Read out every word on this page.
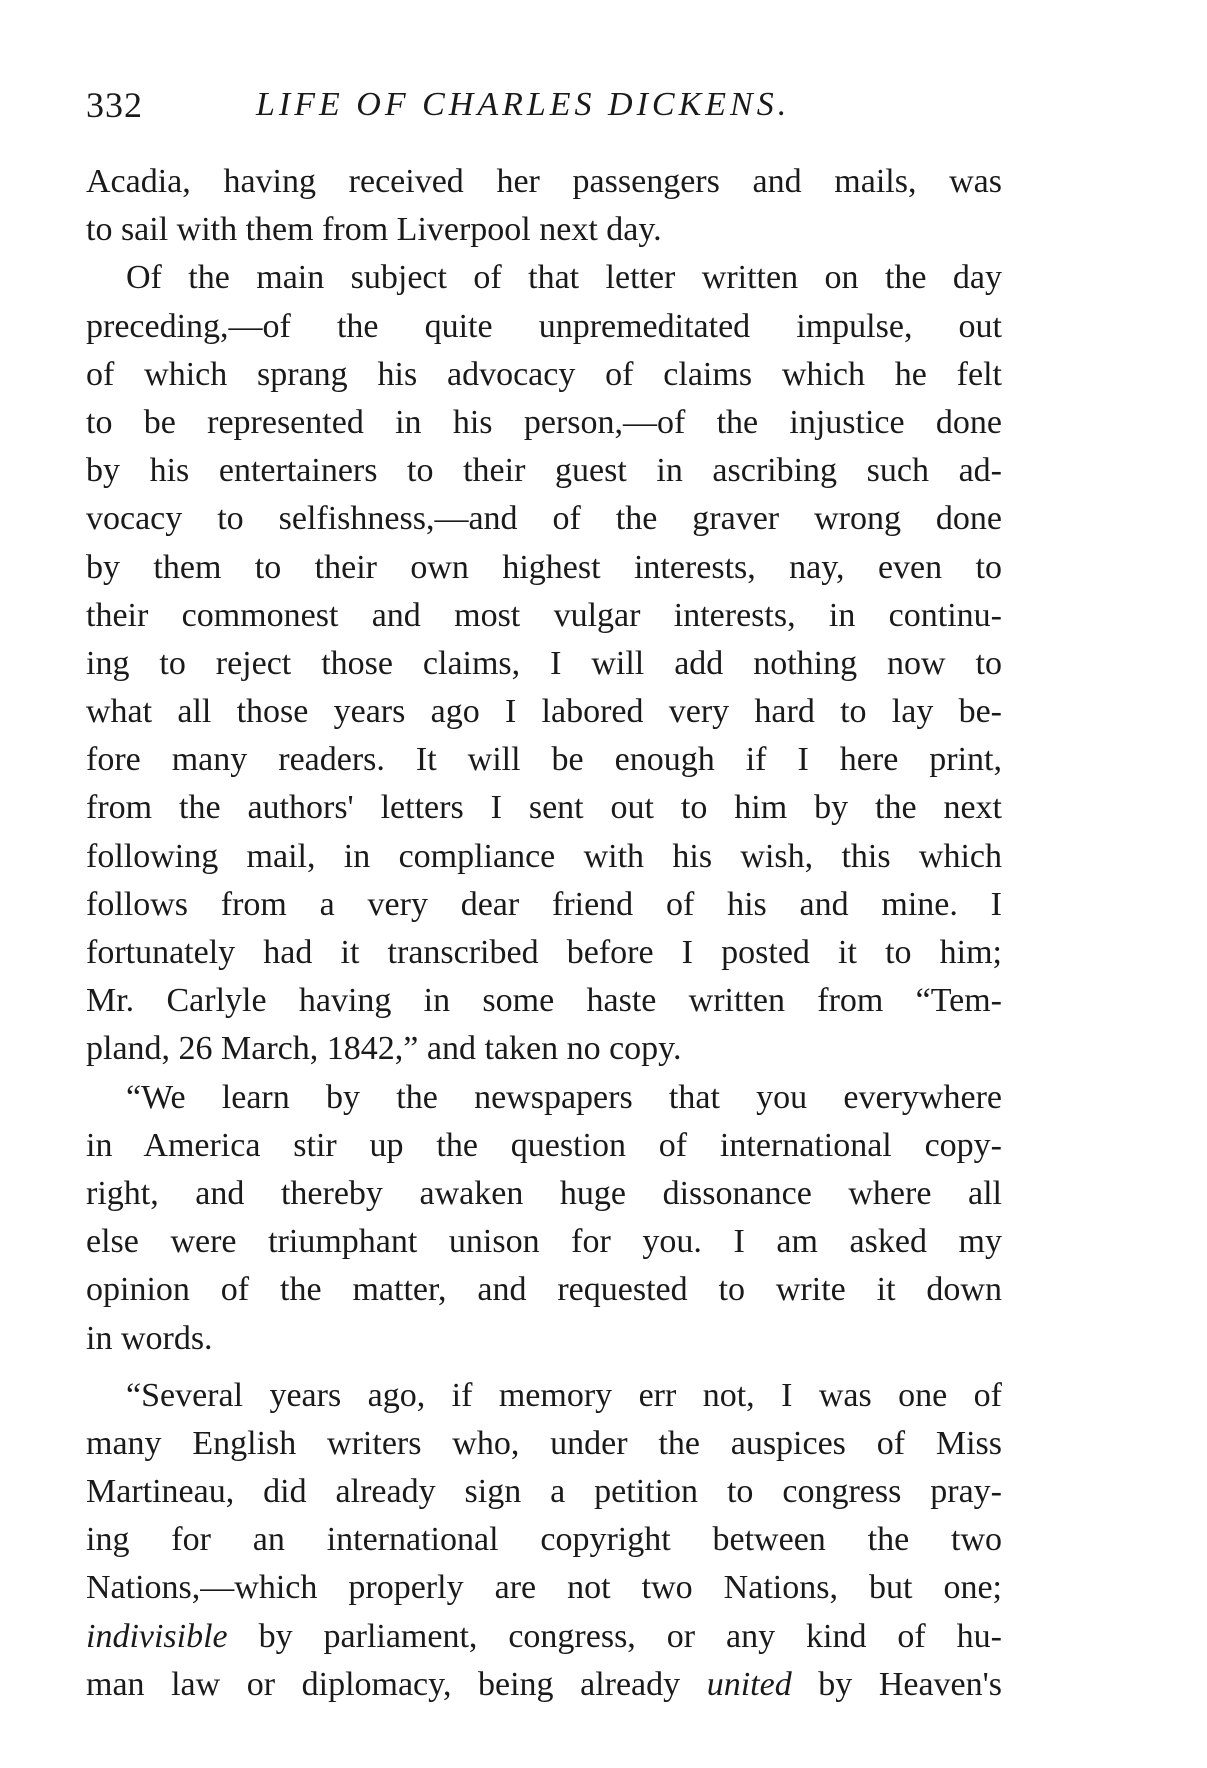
332	LIFE OF CHARLES DICKENS.
Acadia, having received her passengers and mails, was
to sail with them from Liverpool next day.
Of the main subject of that letter written on the day
preceding,—of the quite unpremeditated impulse, out
of which sprang his advocacy of claims which he felt
to be represented in his person,—of the injustice done
by his entertainers to their guest in ascribing such ad-
vocacy to selfishness,—and of the graver wrong done
by them to their own highest interests, nay, even to
their commonest and most vulgar interests, in continu-
ing to reject those claims, I will add nothing now to
what all those years ago I labored very hard to lay be-
fore many readers. It will be enough if I here print,
from the authors' letters I sent out to him by the next
following mail, in compliance with his wish, this which
follows from a very dear friend of his and mine. I
fortunately had it transcribed before I posted it to him;
Mr. Carlyle having in some haste written from “Tem-
pland, 26 March, 1842,” and taken no copy.
“We learn by the newspapers that you everywhere
in America stir up the question of international copy-
right, and thereby awaken huge dissonance where all
else were triumphant unison for you. I am asked my
opinion of the matter, and requested to write it down
in words.
“Several years ago, if memory err not, I was one of
many English writers who, under the auspices of Miss
Martineau, did already sign a petition to congress pray-
ing for an international copyright between the two
Nations,—which properly are not two Nations, but one;
indivisible by parliament, congress, or any kind of hu-
man law or diplomacy, being already united by Heaven's
